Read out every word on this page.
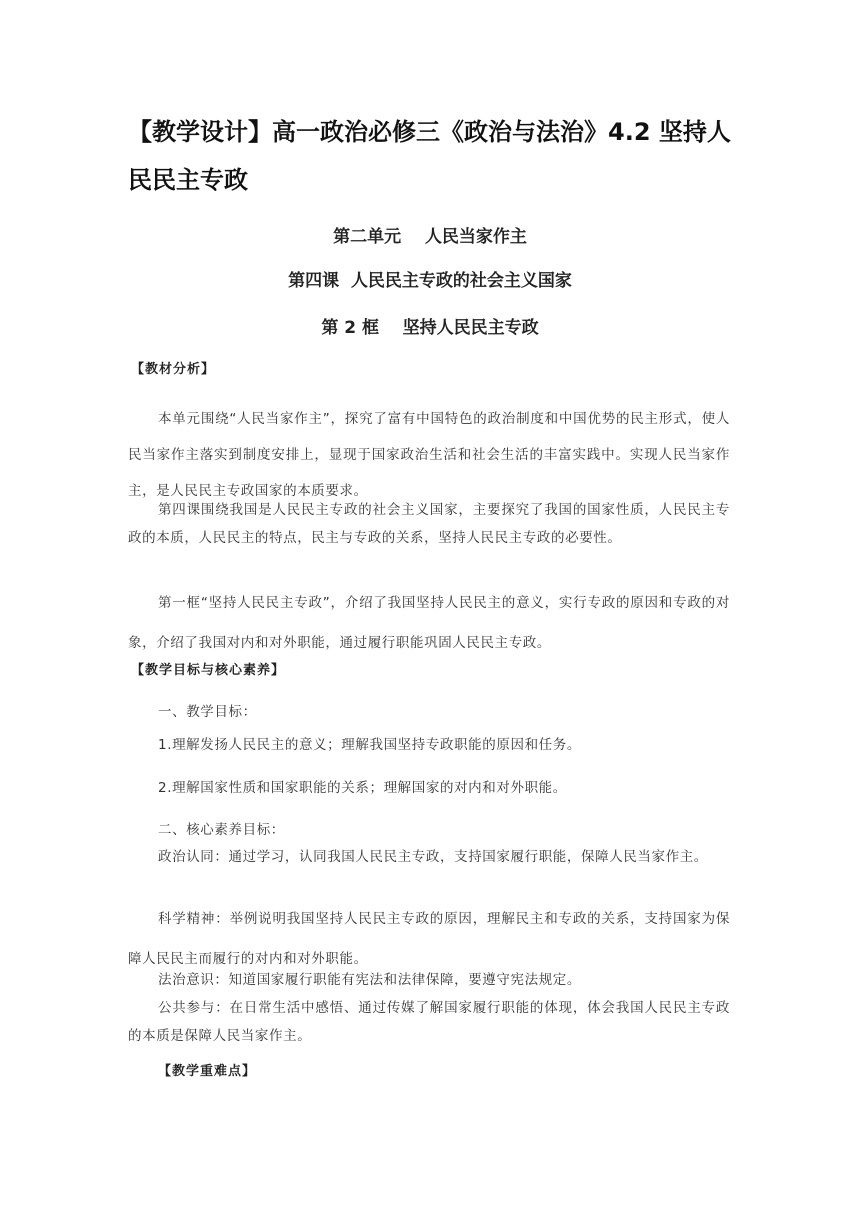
【教学设计】高一政治必修三《政治与法治》4.2 坚持人民民主专政

第二单元    人民当家作主

第四课  人民民主专政的社会主义国家

第 2 框    坚持人民民主专政

【教材分析】

本单元围绕“人民当家作主”，探究了富有中国特色的政治制度和中国优势的民主形式，使人民当家作主落实到制度安排上，显现于国家政治生活和社会生活的丰富实践中。实现人民当家作主，是人民民主专政国家的本质要求。

第四课围绕我国是人民民主专政的社会主义国家，主要探究了我国的国家性质，人民民主专政的本质，人民民主的特点，民主与专政的关系，坚持人民民主专政的必要性。

第一框“坚持人民民主专政”，介绍了我国坚持人民民主的意义，实行专政的原因和专政的对象，介绍了我国对内和对外职能，通过履行职能巩固人民民主专政。

【教学目标与核心素养】

一、教学目标：

1.理解发扬人民民主的意义；理解我国坚持专政职能的原因和任务。

2.理解国家性质和国家职能的关系；理解国家的对内和对外职能。

二、核心素养目标：

政治认同：通过学习，认同我国人民民主专政，支持国家履行职能，保障人民当家作主。

科学精神：举例说明我国坚持人民民主专政的原因，理解民主和专政的关系，支持国家为保障人民民主而履行的对内和对外职能。

法治意识：知道国家履行职能有宪法和法律保障，要遵守宪法规定。

公共参与：在日常生活中感悟、通过传媒了解国家履行职能的体现，体会我国人民民主专政的本质是保障人民当家作主。

【教学重难点】
